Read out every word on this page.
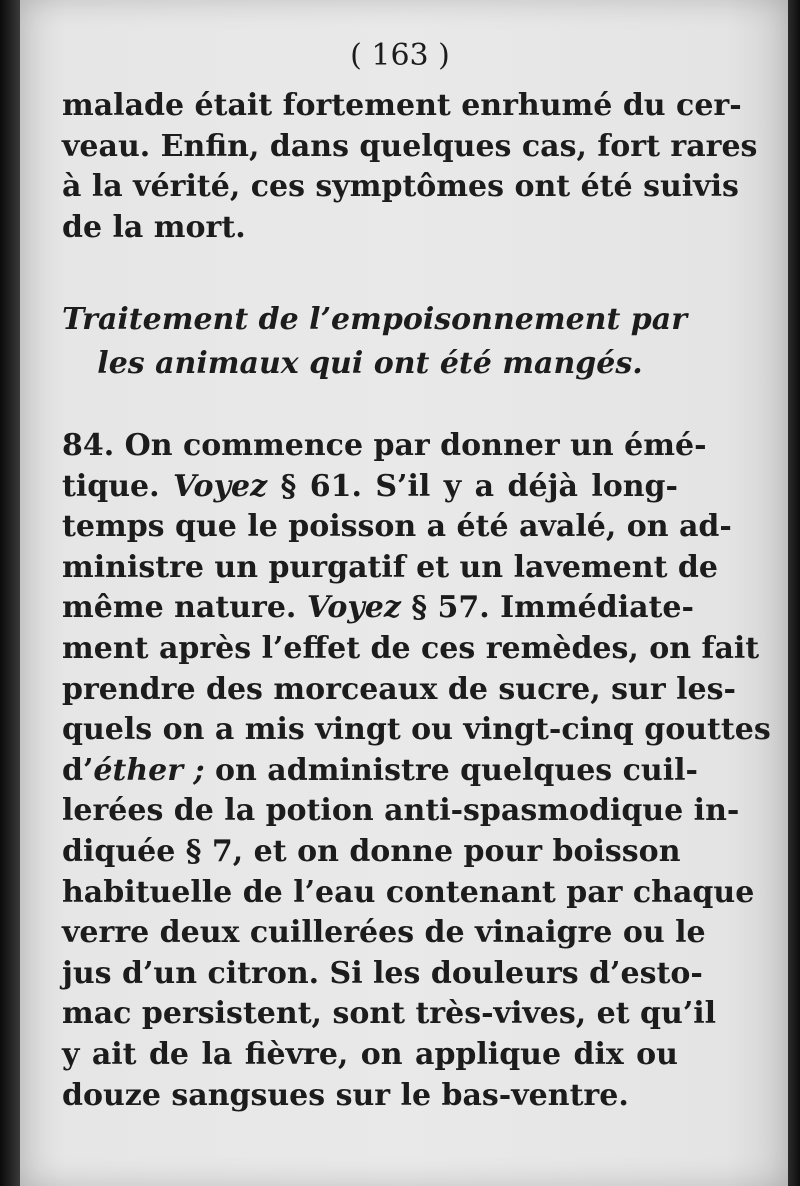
( 163 )
malade était fortement enrhumé du cer-
veau. Enfin, dans quelques cas, fort rares
à la vérité, ces symptômes ont été suivis
de la mort.
Traitement de l’empoisonnement par
les animaux qui ont été mangés.
84. On commence par donner un émé-
tique. Voyez § 61. S’il y a déjà long-
temps que le poisson a été avalé, on ad-
ministre un purgatif et un lavement de
même nature. Voyez § 57. Immédiate-
ment après l’effet de ces remèdes, on fait
prendre des morceaux de sucre, sur les-
quels on a mis vingt ou vingt-cinq gouttes
d’éther ; on administre quelques cuil-
lerées de la potion anti-spasmodique in-
diquée § 7, et on donne pour boisson
habituelle de l’eau contenant par chaque
verre deux cuillerées de vinaigre ou le
jus d’un citron. Si les douleurs d’esto-
mac persistent, sont très-vives, et qu’il
y ait de la fièvre, on applique dix ou
douze sangsues sur le bas-ventre.
